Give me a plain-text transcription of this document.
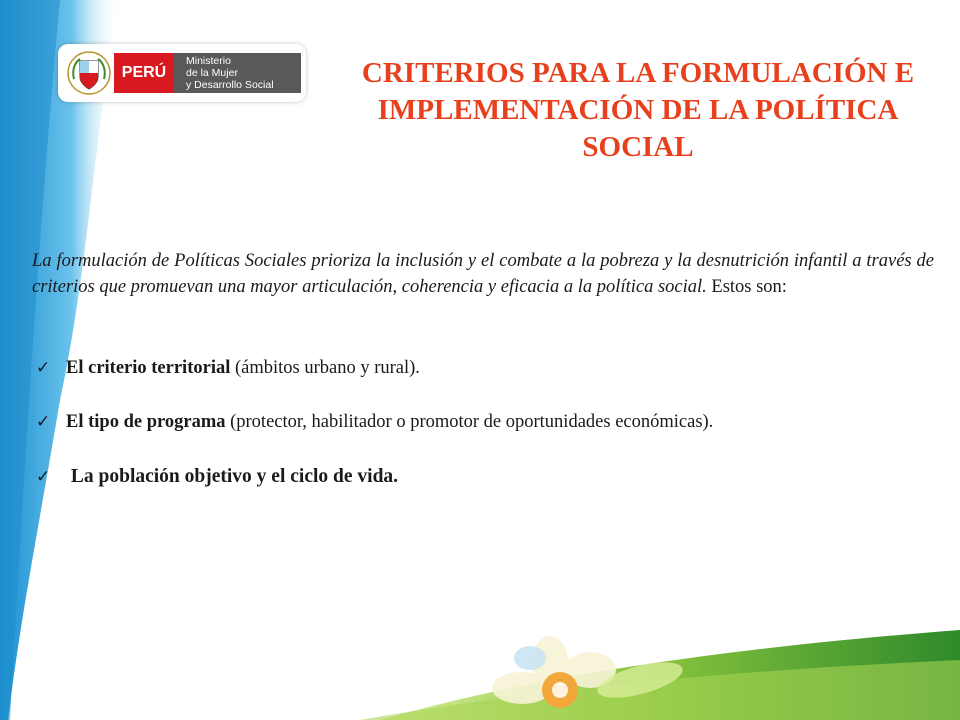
PERÚ
Ministerio
de la Mujer
y Desarrollo Social	CRITERIOS PARA LA FORMULACIÓN E
IMPLEMENTACIÓN DE LA POLÍTICA
SOCIAL

La formulación de Políticas Sociales prioriza la inclusión y el combate a la pobreza y la desnutrición infantil a través de criterios que promuevan una mayor articulación, coherencia y eficacia a la política social. Estos son:

✓ El criterio territorial (ámbitos urbano y rural).
✓ El tipo de programa (protector, habilitador o promotor de oportunidades económicas).
✓ La población objetivo y el ciclo de vida.
